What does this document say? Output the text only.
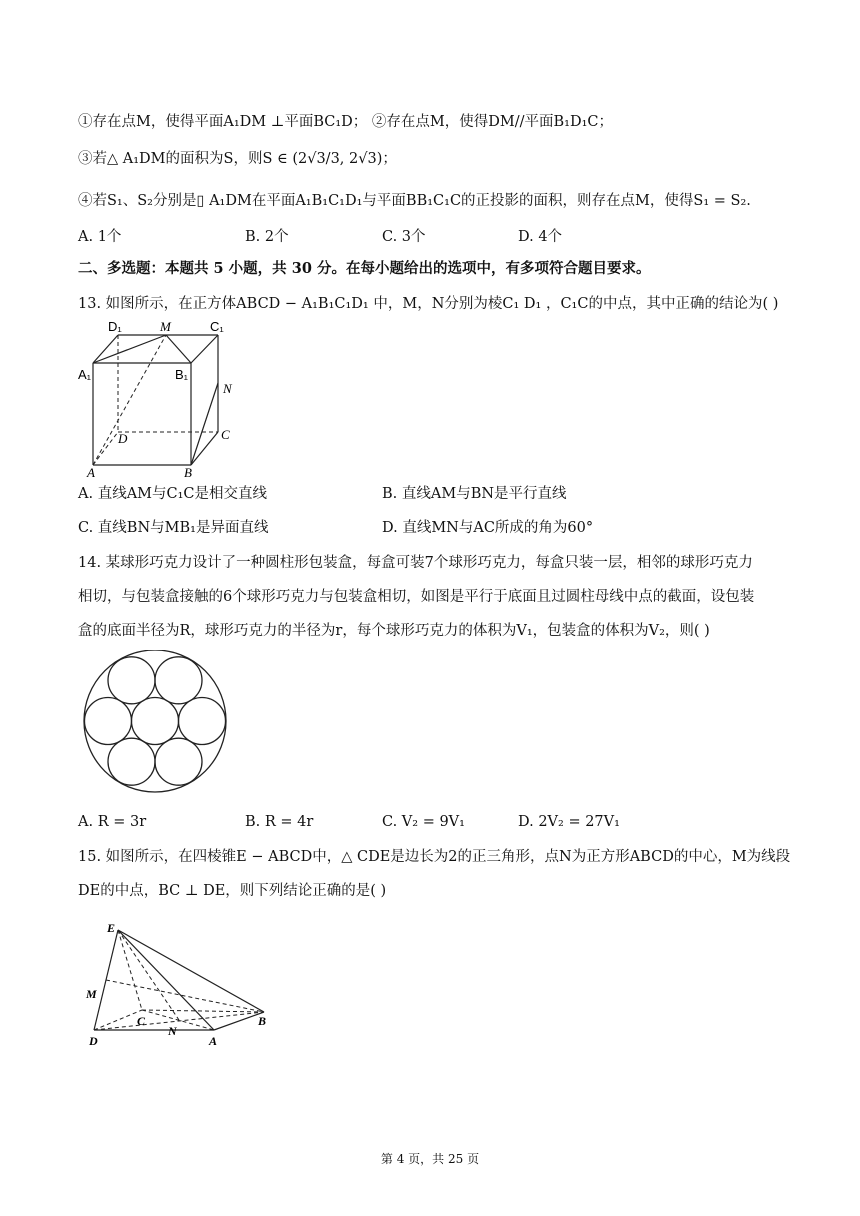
①存在点M，使得平面A₁DM ⊥平面BC₁D； ②存在点M，使得DM//平面B₁D₁C；
③若△ A₁DM的面积为S，则S ∈ (2√3/3, 2√3)；
④若S₁、S₂分别是▯ A₁DM在平面A₁B₁C₁D₁与平面BB₁C₁C的正投影的面积，则存在点M，使得S₁ = S₂.
A. 1个	B. 2个	C. 3个	D. 4个
二、多选题：本题共 5 小题，共 30 分。在每小题给出的选项中，有多项符合题目要求。
13. 如图所示，在正方体ABCD − A₁B₁C₁D₁ 中，M，N分别为棱C₁ D₁ ，C₁C的中点，其中正确的结论为( )
D₁	M	C₁
A₁	B₁
N
D	C
A	B
A. 直线AM与C₁C是相交直线	B. 直线AM与BN是平行直线
C. 直线BN与MB₁是异面直线	D. 直线MN与AC所成的角为60°
14. 某球形巧克力设计了一种圆柱形包装盒，每盒可装7个球形巧克力，每盒只装一层，相邻的球形巧克力
相切，与包装盒接触的6个球形巧克力与包装盒相切，如图是平行于底面且过圆柱母线中点的截面，设包装
盒的底面半径为R，球形巧克力的半径为r，每个球形巧克力的体积为V₁，包装盒的体积为V₂，则( )
A. R = 3r	B. R = 4r	C. V₂ = 9V₁	D. 2V₂ = 27V₁
15. 如图所示，在四棱锥E − ABCD中，△ CDE是边长为2的正三角形，点N为正方形ABCD的中心，M为线段
DE的中点，BC ⊥ DE，则下列结论正确的是( )
E
M
C
N
B
D	A
第 4 页，共 25 页
